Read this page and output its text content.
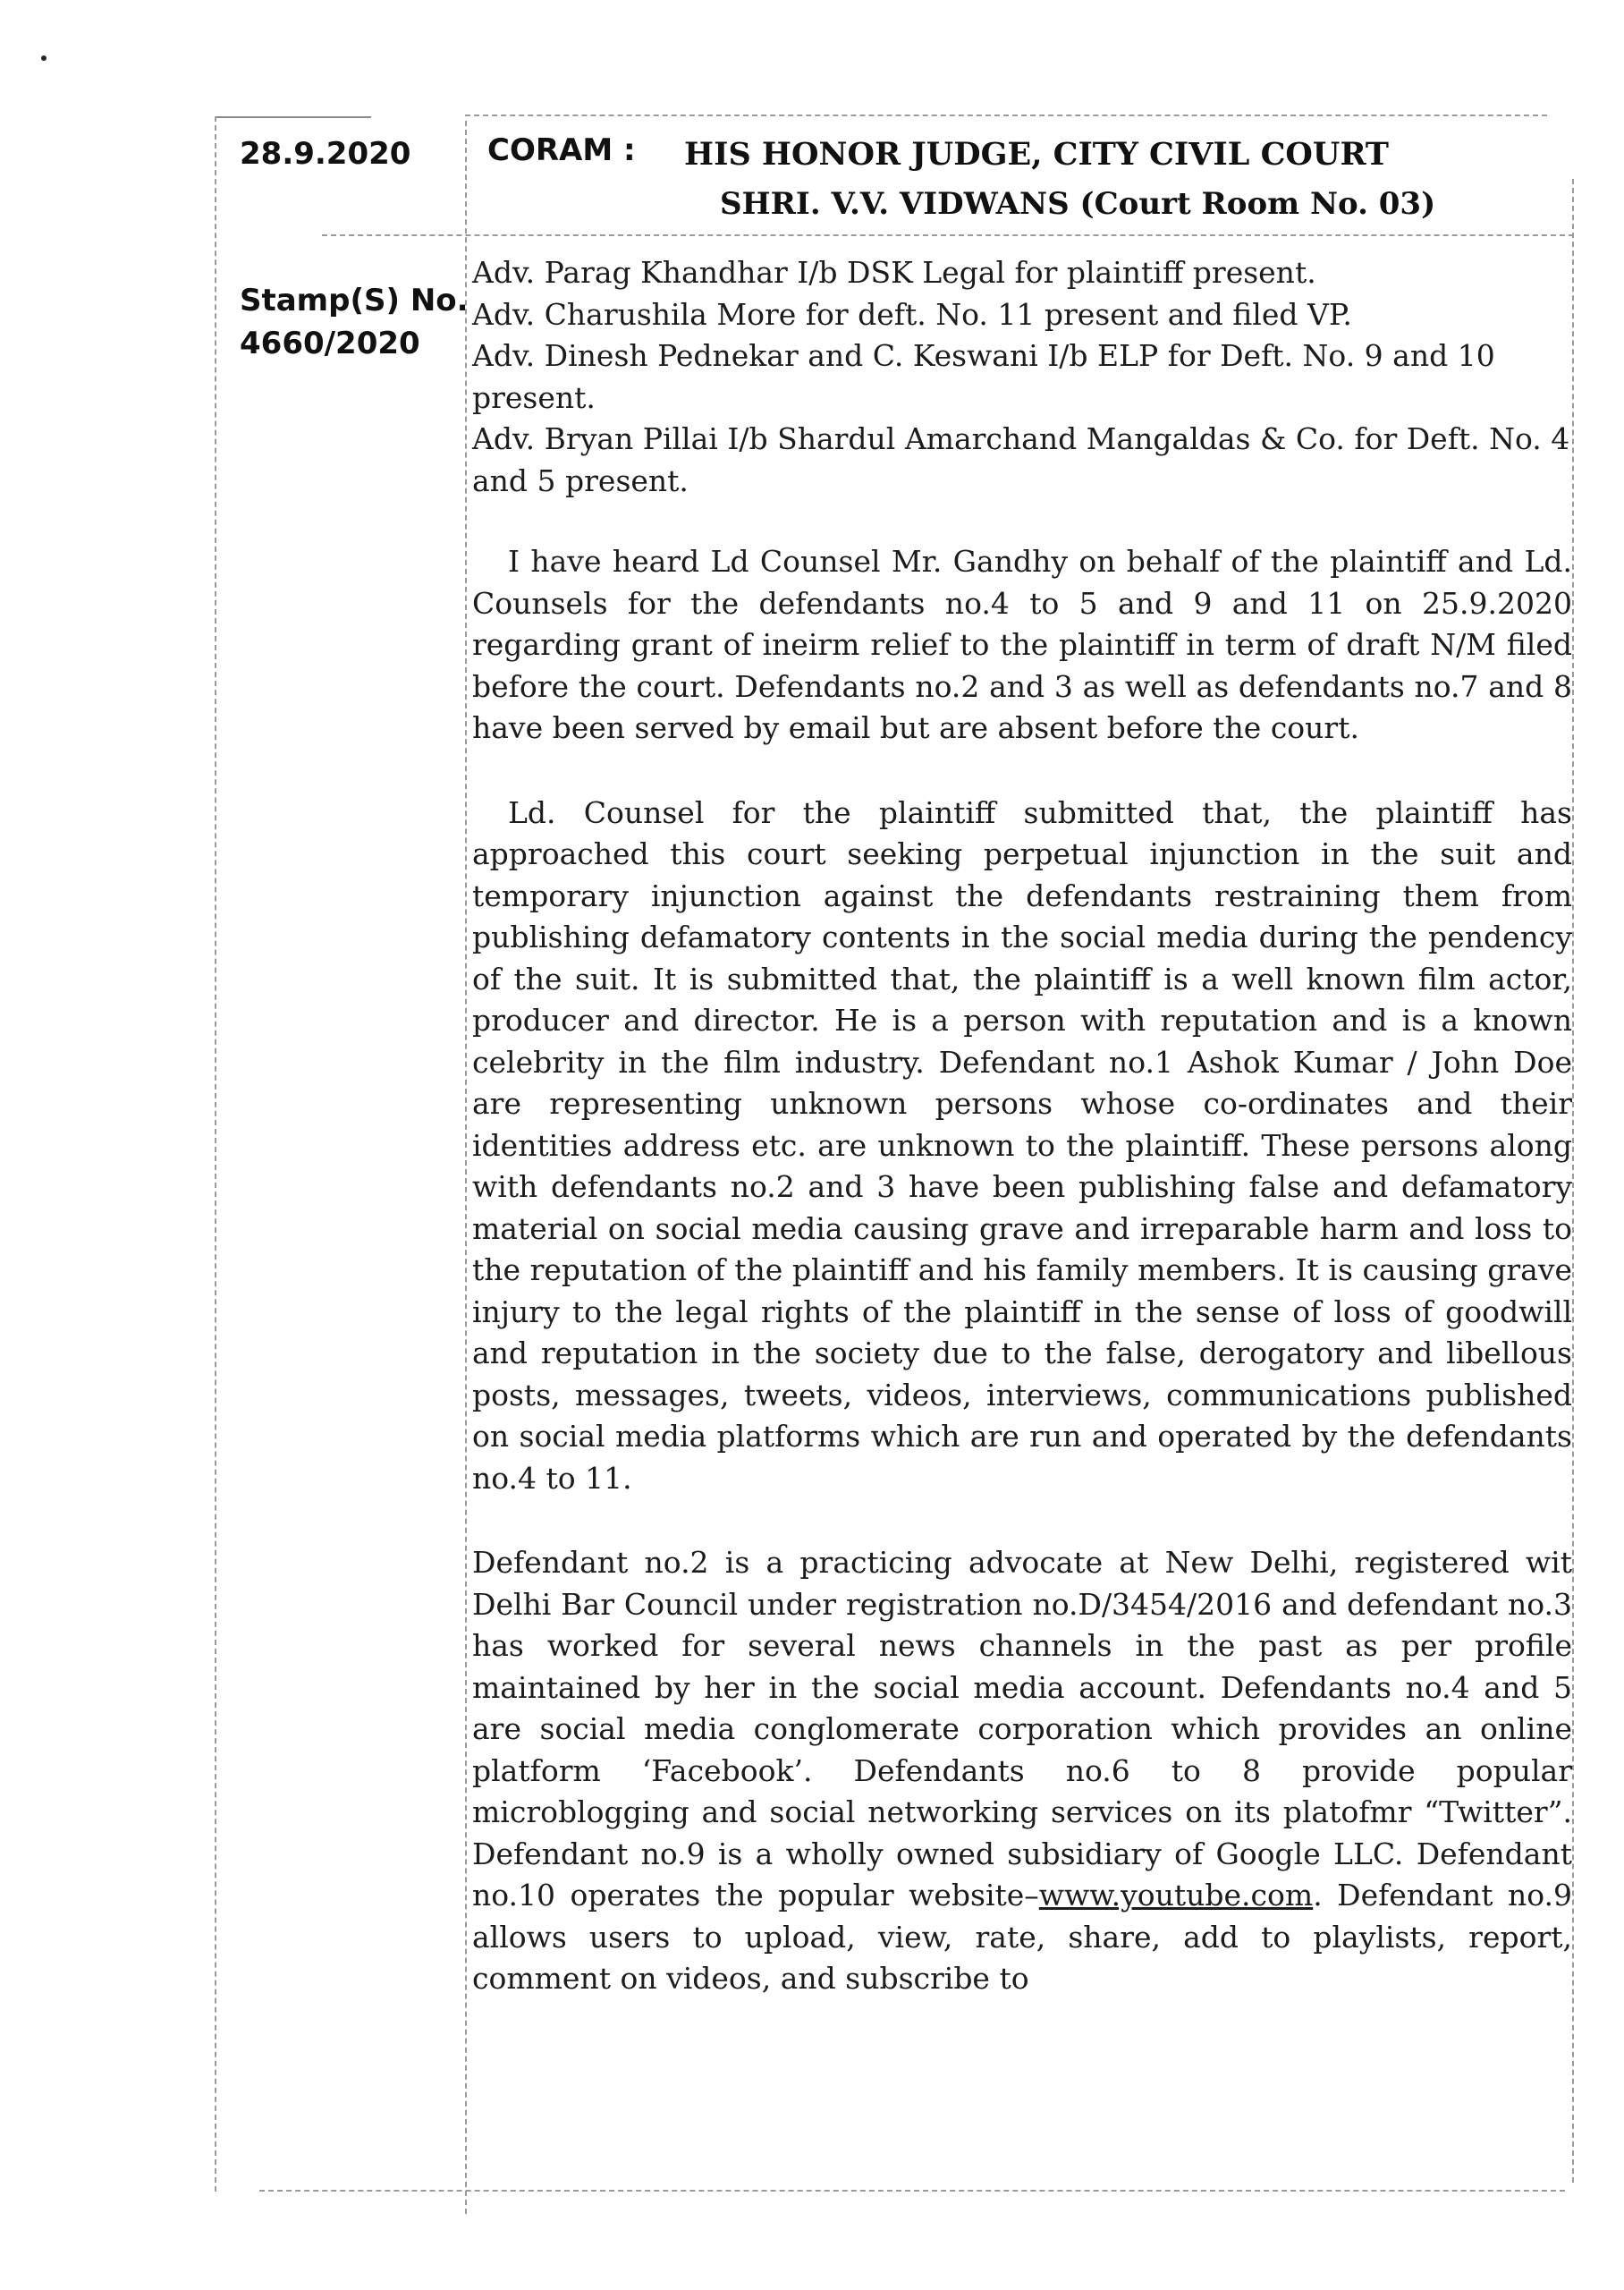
28.9.2020
Stamp(S) No.
4660/2020
CORAM : HIS HONOR JUDGE, CITY CIVIL COURT
SHRI. V.V. VIDWANS (Court Room No. 03)

Adv. Parag Khandhar I/b DSK Legal for plaintiff present.

Adv. Charushila More for deft. No. 11 present and filed VP.

Adv. Dinesh Pednekar and C. Keswani I/b ELP for Deft. No. 9 and 10 present.

Adv. Bryan Pillai I/b Shardul Amarchand Mangaldas & Co. for Deft. No. 4 and 5 present.

I have heard Ld Counsel Mr. Gandhy on behalf of the plaintiff and Ld. Counsels for the defendants no.4 to 5 and 9 and 11 on 25.9.2020 regarding grant of ineirm relief to the plaintiff in term of draft N/M filed before the court. Defendants no.2 and 3 as well as defendants no.7 and 8 have been served by email but are absent before the court.

Ld. Counsel for the plaintiff submitted that, the plaintiff has approached this court seeking perpetual injunction in the suit and temporary injunction against the defendants restraining them from publishing defamatory contents in the social media during the pendency of the suit. It is submitted that, the plaintiff is a well known film actor, producer and director. He is a person with reputation and is a known celebrity in the film industry. Defendant no.1 Ashok Kumar / John Doe are representing unknown persons whose co-ordinates and their identities address etc. are unknown to the plaintiff. These persons along with defendants no.2 and 3 have been publishing false and defamatory material on social media causing grave and irreparable harm and loss to the reputation of the plaintiff and his family members. It is causing grave injury to the legal rights of the plaintiff in the sense of loss of goodwill and reputation in the society due to the false, derogatory and libellous posts, messages, tweets, videos, interviews, communications published on social media platforms which are run and operated by the defendants no.4 to 11.

Defendant no.2 is a practicing advocate at New Delhi, registered wit Delhi Bar Council under registration no.D/3454/2016 and defendant no.3 has worked for several news channels in the past as per profile maintained by her in the social media account. Defendants no.4 and 5 are social media conglomerate corporation which provides an online platform ‘Facebook’. Defendants no.6 to 8 provide popular microblogging and social networking services on its platofmr “Twitter”. Defendant no.9 is a wholly owned subsidiary of Google LLC. Defendant no.10 operates the popular website–www.youtube.com. Defendant no.9 allows users to upload, view, rate, share, add to playlists, report, comment on videos, and subscribe to
